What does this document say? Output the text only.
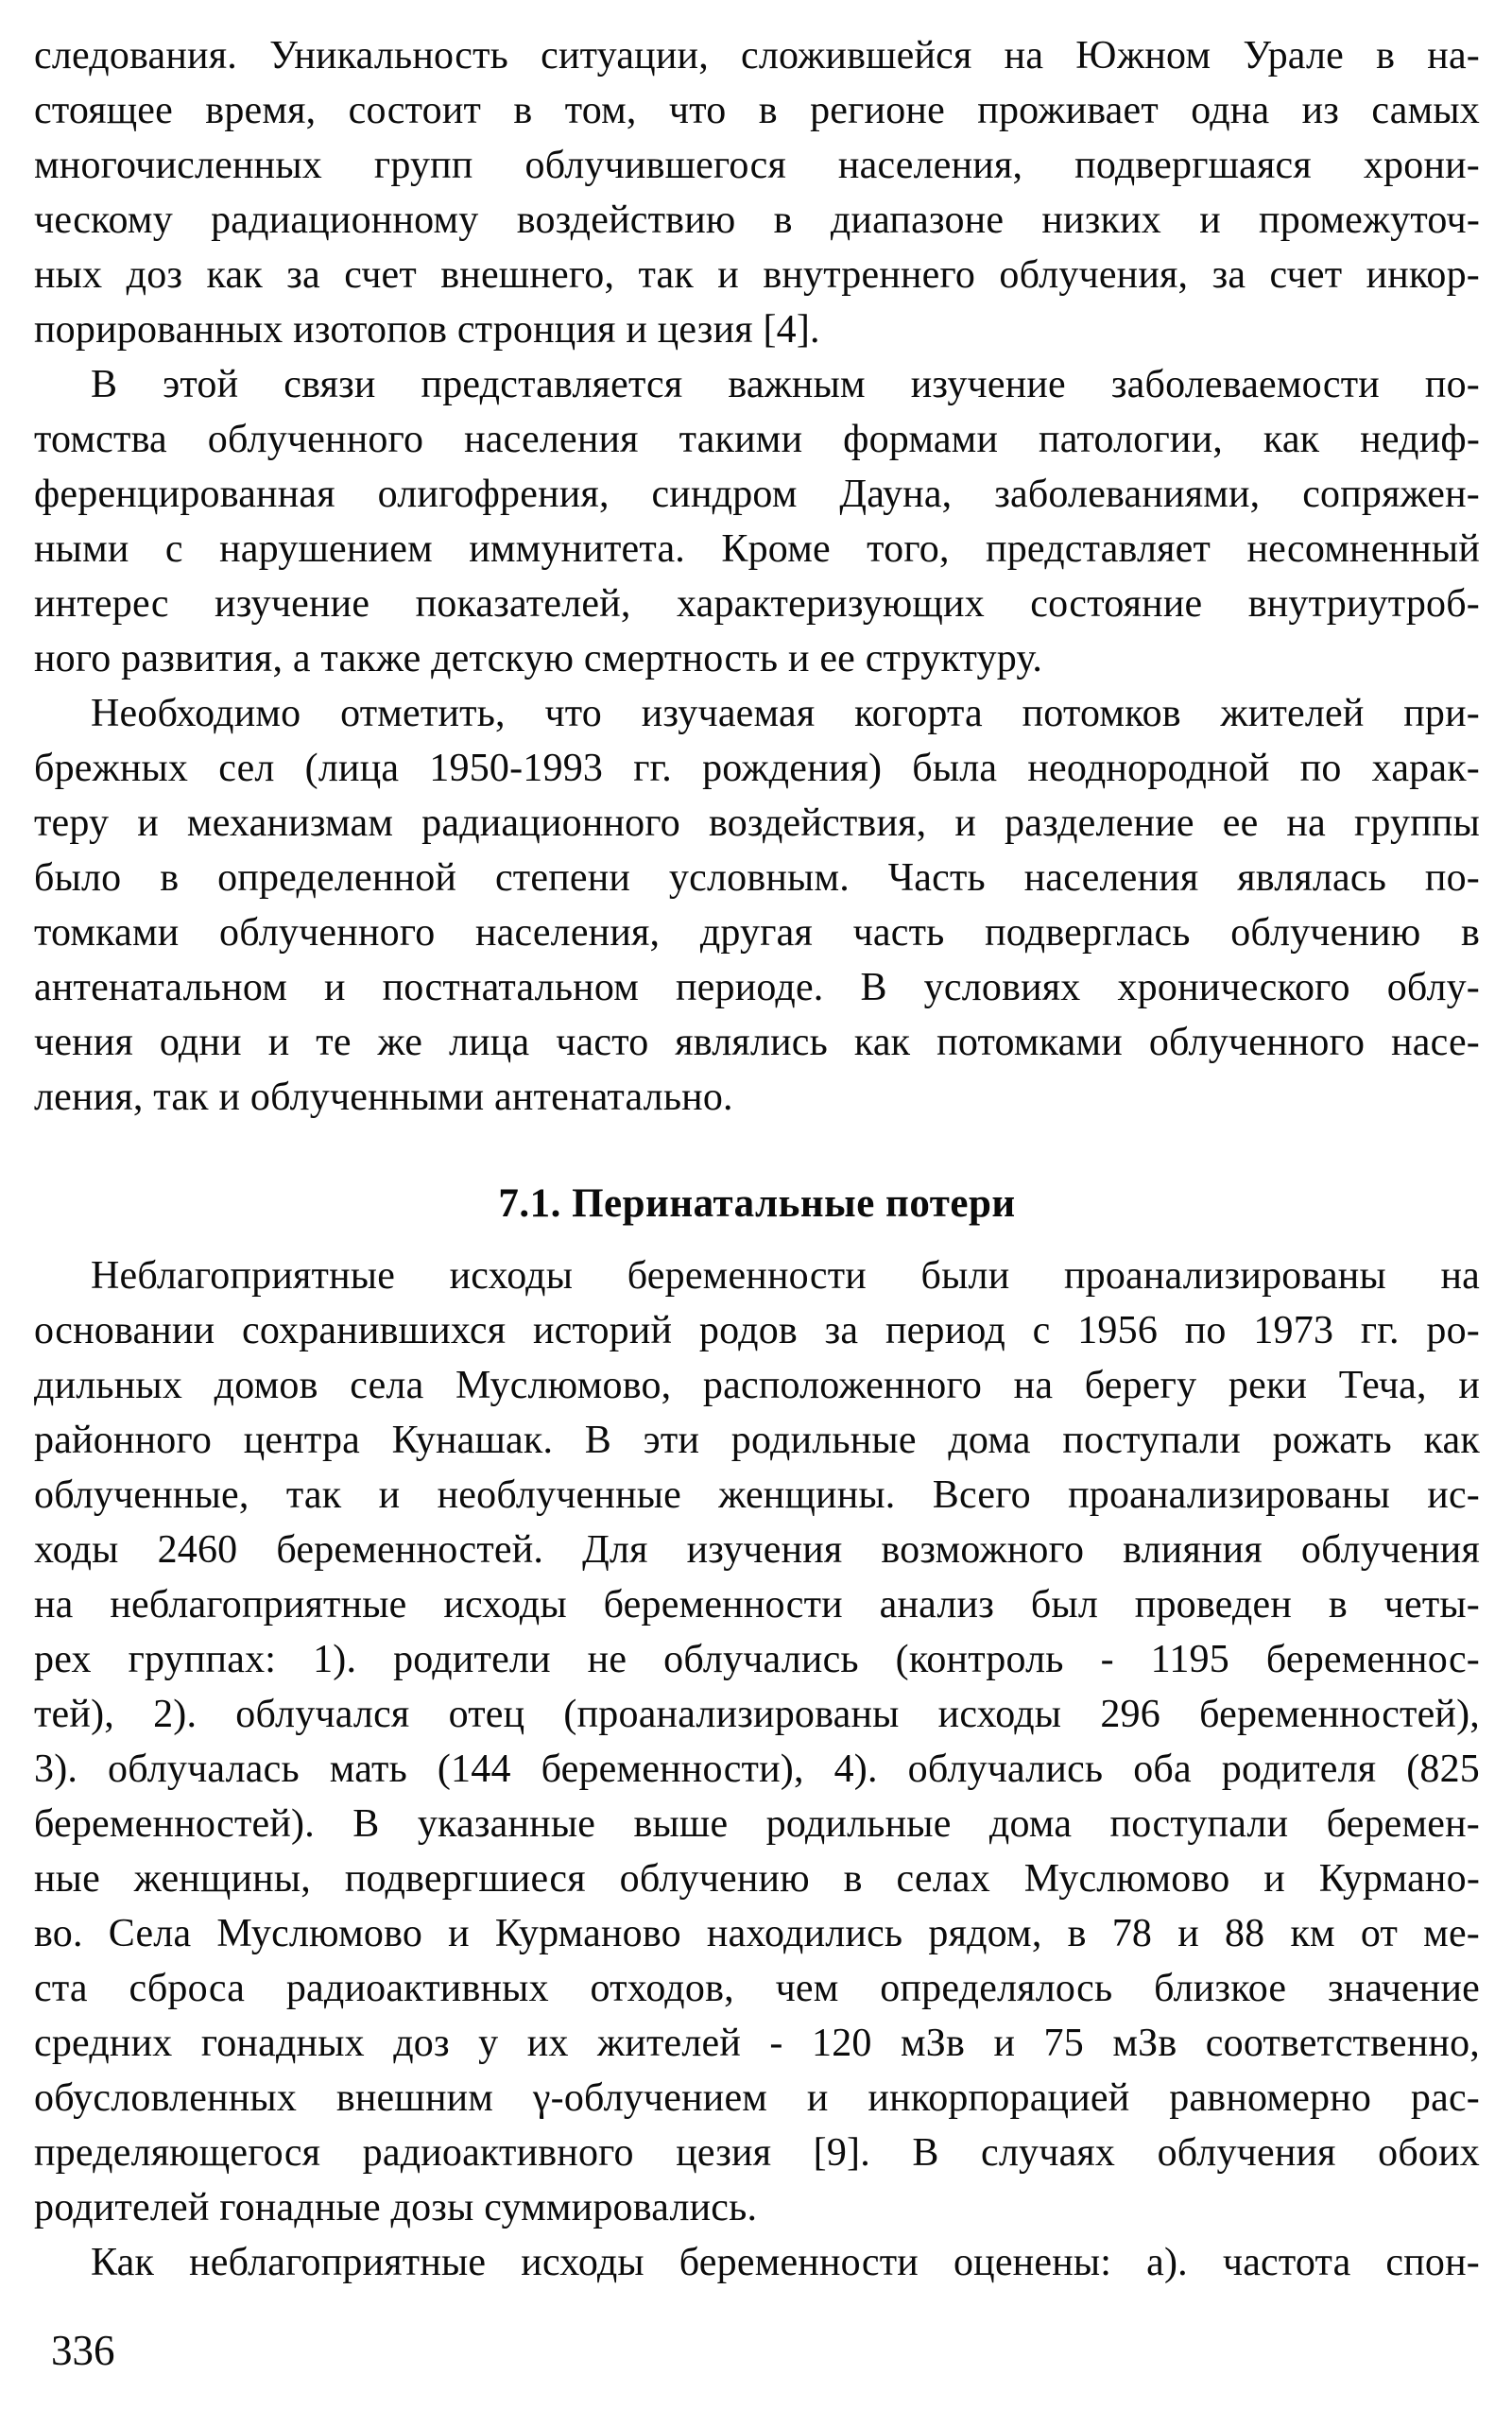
следования. Уникальность ситуации, сложившейся на Южном Урале в на-
стоящее время, состоит в том, что в регионе проживает одна из самых
многочисленных групп облучившегося населения, подвергшаяся хрони-
ческому радиационному воздействию в диапазоне низких и промежуточ-
ных доз как за счет внешнего, так и внутреннего облучения, за счет инкор-
порированных изотопов стронция и цезия [4].
В этой связи представляется важным изучение заболеваемости по-
томства облученного населения такими формами патологии, как недиф-
ференцированная олигофрения, синдром Дауна, заболеваниями, сопряжен-
ными с нарушением иммунитета. Кроме того, представляет несомненный
интерес изучение показателей, характеризующих состояние внутриутроб-
ного развития, а также детскую смертность и ее структуру.
Необходимо отметить, что изучаемая когорта потомков жителей при-
брежных сел (лица 1950-1993 гг. рождения) была неоднородной по харак-
теру и механизмам радиационного воздействия, и разделение ее на группы
было в определенной степени условным. Часть населения являлась по-
томками облученного населения, другая часть подверглась облучению в
антенатальном и постнатальном периоде. В условиях хронического облу-
чения одни и те же лица часто являлись как потомками облученного насе-
ления, так и облученными антенатально.
7.1. Перинатальные потери
Неблагоприятные исходы беременности были проанализированы на
основании сохранившихся историй родов за период с 1956 по 1973 гг. ро-
дильных домов села Муслюмово, расположенного на берегу реки Теча, и
районного центра Кунашак. В эти родильные дома поступали рожать как
облученные, так и необлученные женщины. Всего проанализированы ис-
ходы 2460 беременностей. Для изучения возможного влияния облучения
на неблагоприятные исходы беременности анализ был проведен в четы-
рех группах: 1). родители не облучались (контроль - 1195 беременнос-
тей), 2). облучался отец (проанализированы исходы 296 беременностей),
3). облучалась мать (144 беременности), 4). облучались оба родителя (825
беременностей). В указанные выше родильные дома поступали беремен-
ные женщины, подвергшиеся облучению в селах Муслюмово и Курмано-
во. Села Муслюмово и Курманово находились рядом, в 78 и 88 км от ме-
ста сброса радиоактивных отходов, чем определялось близкое значение
средних гонадных доз у их жителей - 120 мЗв и 75 мЗв соответственно,
обусловленных внешним γ-облучением и инкорпорацией равномерно рас-
пределяющегося радиоактивного цезия [9]. В случаях облучения обоих
родителей гонадные дозы суммировались.
Как неблагоприятные исходы беременности оценены: а). частота спон-
336
